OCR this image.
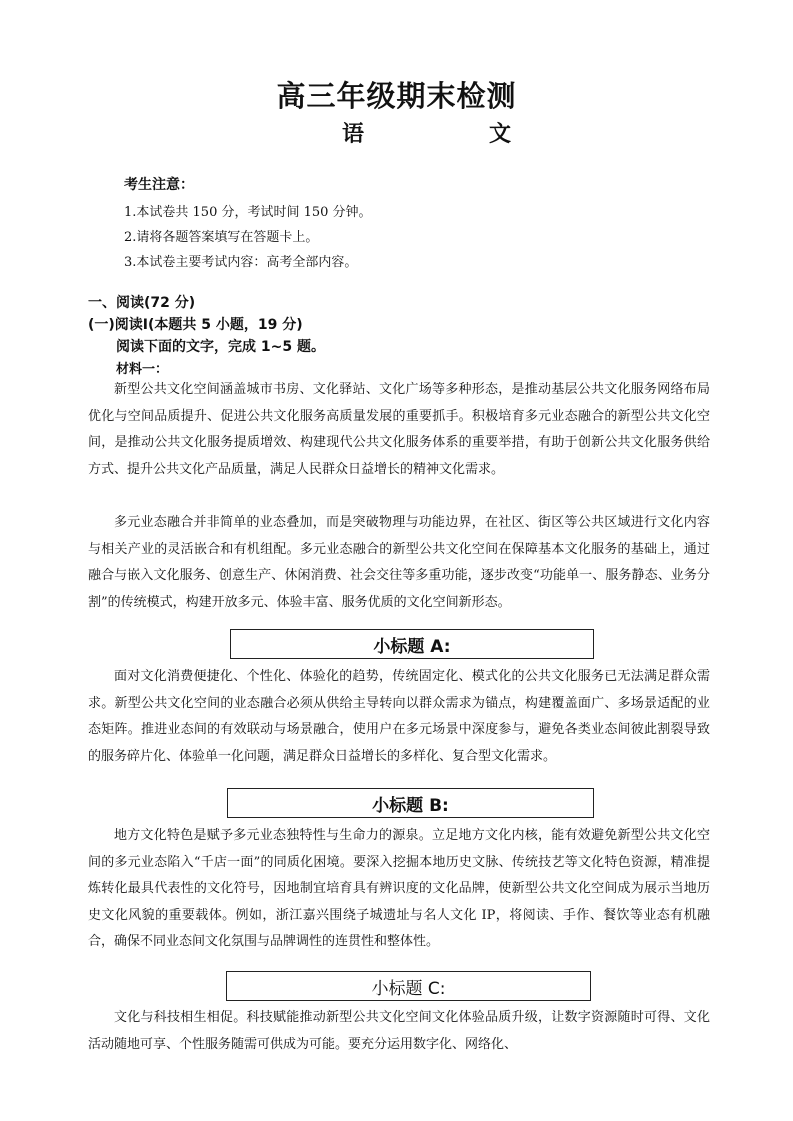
高三年级期末检测
语	文
考生注意：
1.本试卷共 150 分，考试时间 150 分钟。
2.请将各题答案填写在答题卡上。
3.本试卷主要考试内容：高考全部内容。
一、阅读(72 分)
(一)阅读Ⅰ(本题共 5 小题，19 分)
阅读下面的文字，完成 1~5 题。
材料一：

新型公共文化空间涵盖城市书房、文化驿站、文化广场等多种形态，是推动基层公共文化服务网络布局优化与空间品质提升、促进公共文化服务高质量发展的重要抓手。积极培育多元业态融合的新型公共文化空间，是推动公共文化服务提质增效、构建现代公共文化服务体系的重要举措，有助于创新公共文化服务供给方式、提升公共文化产品质量，满足人民群众日益增长的精神文化需求。

多元业态融合并非简单的业态叠加，而是突破物理与功能边界，在社区、街区等公共区域进行文化内容与相关产业的灵活嵌合和有机组配。多元业态融合的新型公共文化空间在保障基本文化服务的基础上，通过融合与嵌入文化服务、创意生产、休闲消费、社会交往等多重功能，逐步改变“功能单一、服务静态、业务分割”的传统模式，构建开放多元、体验丰富、服务优质的文化空间新形态。

小标题 A:

面对文化消费便捷化、个性化、体验化的趋势，传统固定化、模式化的公共文化服务已无法满足群众需求。新型公共文化空间的业态融合必须从供给主导转向以群众需求为锚点，构建覆盖面广、多场景适配的业态矩阵。推进业态间的有效联动与场景融合，使用户在多元场景中深度参与，避免各类业态间彼此割裂导致的服务碎片化、体验单一化问题，满足群众日益增长的多样化、复合型文化需求。

小标题 B:

地方文化特色是赋予多元业态独特性与生命力的源泉。立足地方文化内核，能有效避免新型公共文化空间的多元业态陷入“千店一面”的同质化困境。要深入挖掘本地历史文脉、传统技艺等文化特色资源，精准提炼转化最具代表性的文化符号，因地制宜培育具有辨识度的文化品牌，使新型公共文化空间成为展示当地历史文化风貌的重要载体。例如，浙江嘉兴围绕子城遗址与名人文化 IP，将阅读、手作、餐饮等业态有机融合，确保不同业态间文化氛围与品牌调性的连贯性和整体性。

小标题 C:

文化与科技相生相促。科技赋能推动新型公共文化空间文化体验品质升级，让数字资源随时可得、文化活动随地可享、个性服务随需可供成为可能。要充分运用数字化、网络化、
